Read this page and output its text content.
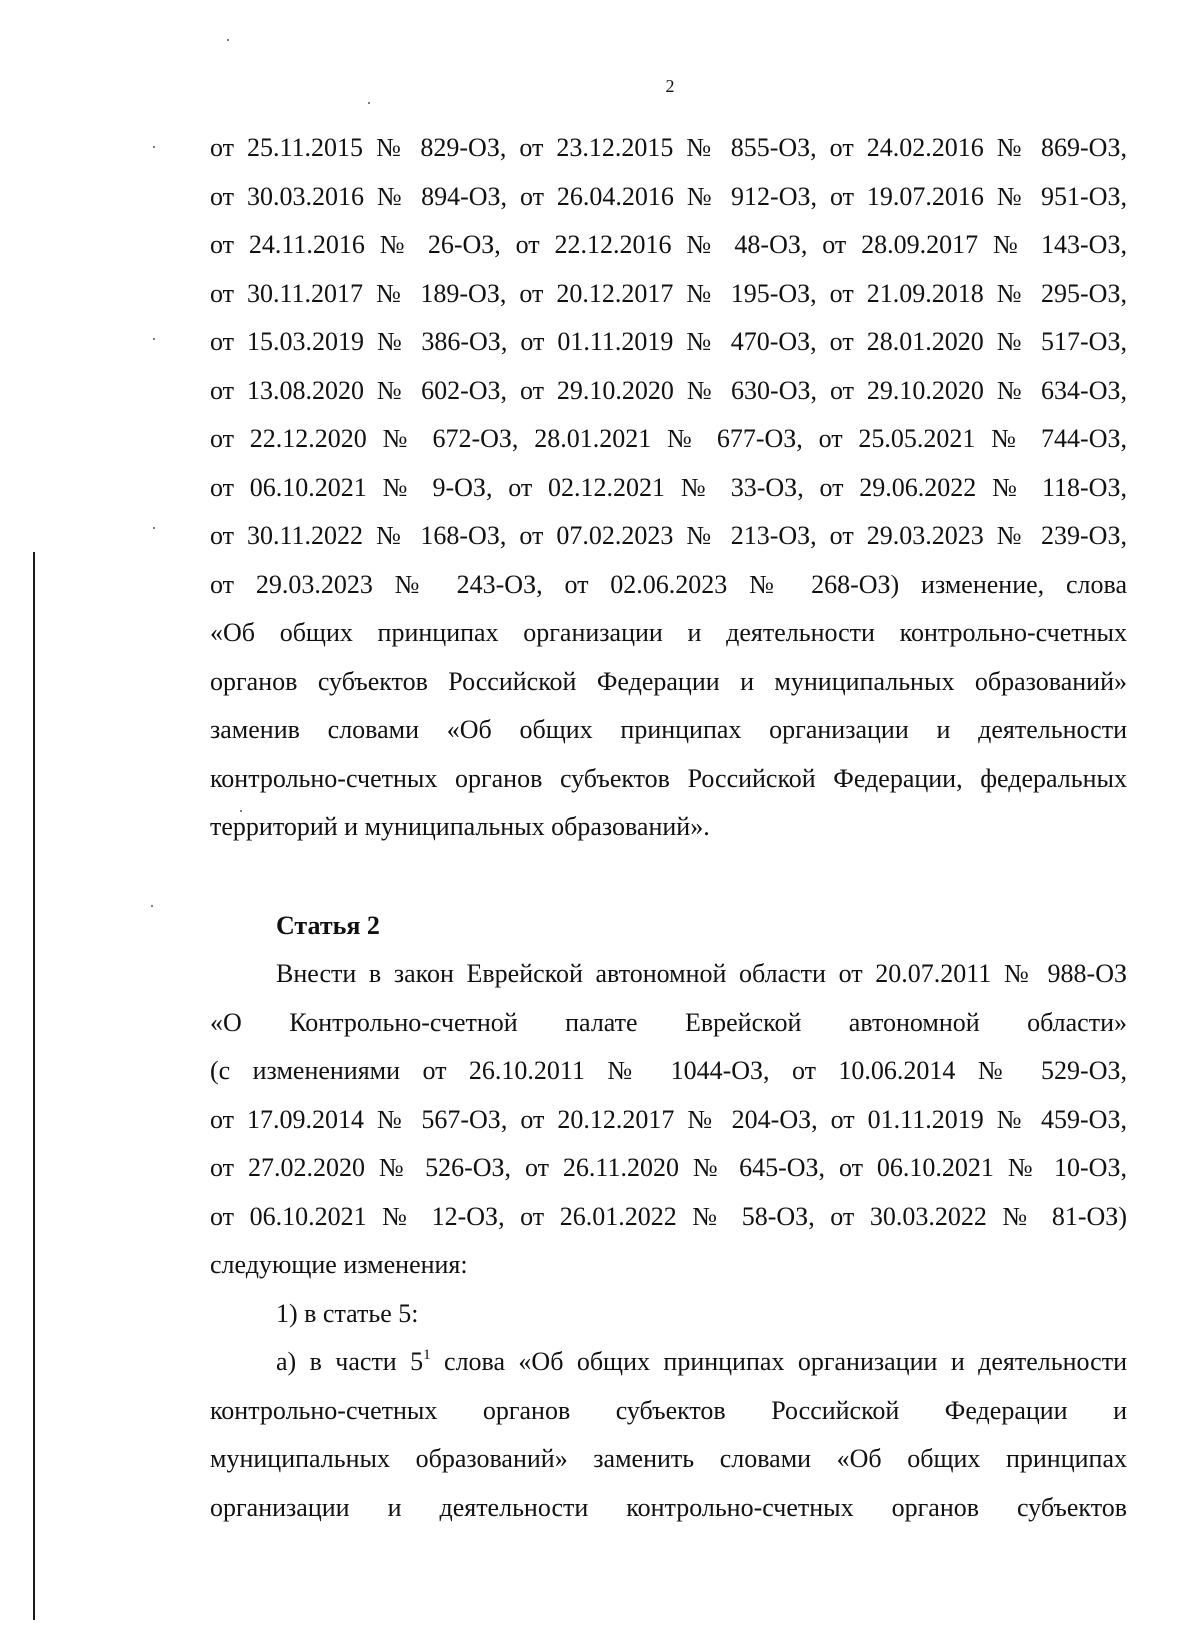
2
от 25.11.2015 № 829-ОЗ, от 23.12.2015 № 855-ОЗ, от 24.02.2016 № 869-ОЗ,
от 30.03.2016 № 894-ОЗ, от 26.04.2016 № 912-ОЗ, от 19.07.2016 № 951-ОЗ,
от 24.11.2016 № 26-ОЗ, от 22.12.2016 № 48-ОЗ, от 28.09.2017 № 143-ОЗ,
от 30.11.2017 № 189-ОЗ, от 20.12.2017 № 195-ОЗ, от 21.09.2018 № 295-ОЗ,
от 15.03.2019 № 386-ОЗ, от 01.11.2019 № 470-ОЗ, от 28.01.2020 № 517-ОЗ,
от 13.08.2020 № 602-ОЗ, от 29.10.2020 № 630-ОЗ, от 29.10.2020 № 634-ОЗ,
от 22.12.2020 № 672-ОЗ, 28.01.2021 № 677-ОЗ, от 25.05.2021 № 744-ОЗ,
от 06.10.2021 № 9-ОЗ, от 02.12.2021 № 33-ОЗ, от 29.06.2022 № 118-ОЗ,
от 30.11.2022 № 168-ОЗ, от 07.02.2023 № 213-ОЗ, от 29.03.2023 № 239-ОЗ,
от 29.03.2023 № 243-ОЗ, от 02.06.2023 № 268-ОЗ) изменение, слова
«Об общих принципах организации и деятельности контрольно-счетных
органов субъектов Российской Федерации и муниципальных образований»
заменив словами «Об общих принципах организации и деятельности
контрольно-счетных органов субъектов Российской Федерации, федеральных
территорий и муниципальных образований».
Статья 2
Внести в закон Еврейской автономной области от 20.07.2011 № 988-ОЗ
«О Контрольно-счетной палате Еврейской автономной области»
(с изменениями от 26.10.2011 № 1044-ОЗ, от 10.06.2014 № 529-ОЗ,
от 17.09.2014 № 567-ОЗ, от 20.12.2017 № 204-ОЗ, от 01.11.2019 № 459-ОЗ,
от 27.02.2020 № 526-ОЗ, от 26.11.2020 № 645-ОЗ, от 06.10.2021 № 10-ОЗ,
от 06.10.2021 № 12-ОЗ, от 26.01.2022 № 58-ОЗ, от 30.03.2022 № 81-ОЗ)
следующие изменения:
1) в статье 5:
а) в части $5^1$ слова «Об общих принципах организации и деятельности
контрольно-счетных органов субъектов Российской Федерации и
муниципальных образований» заменить словами «Об общих принципах
организации и деятельности контрольно-счетных органов субъектов
